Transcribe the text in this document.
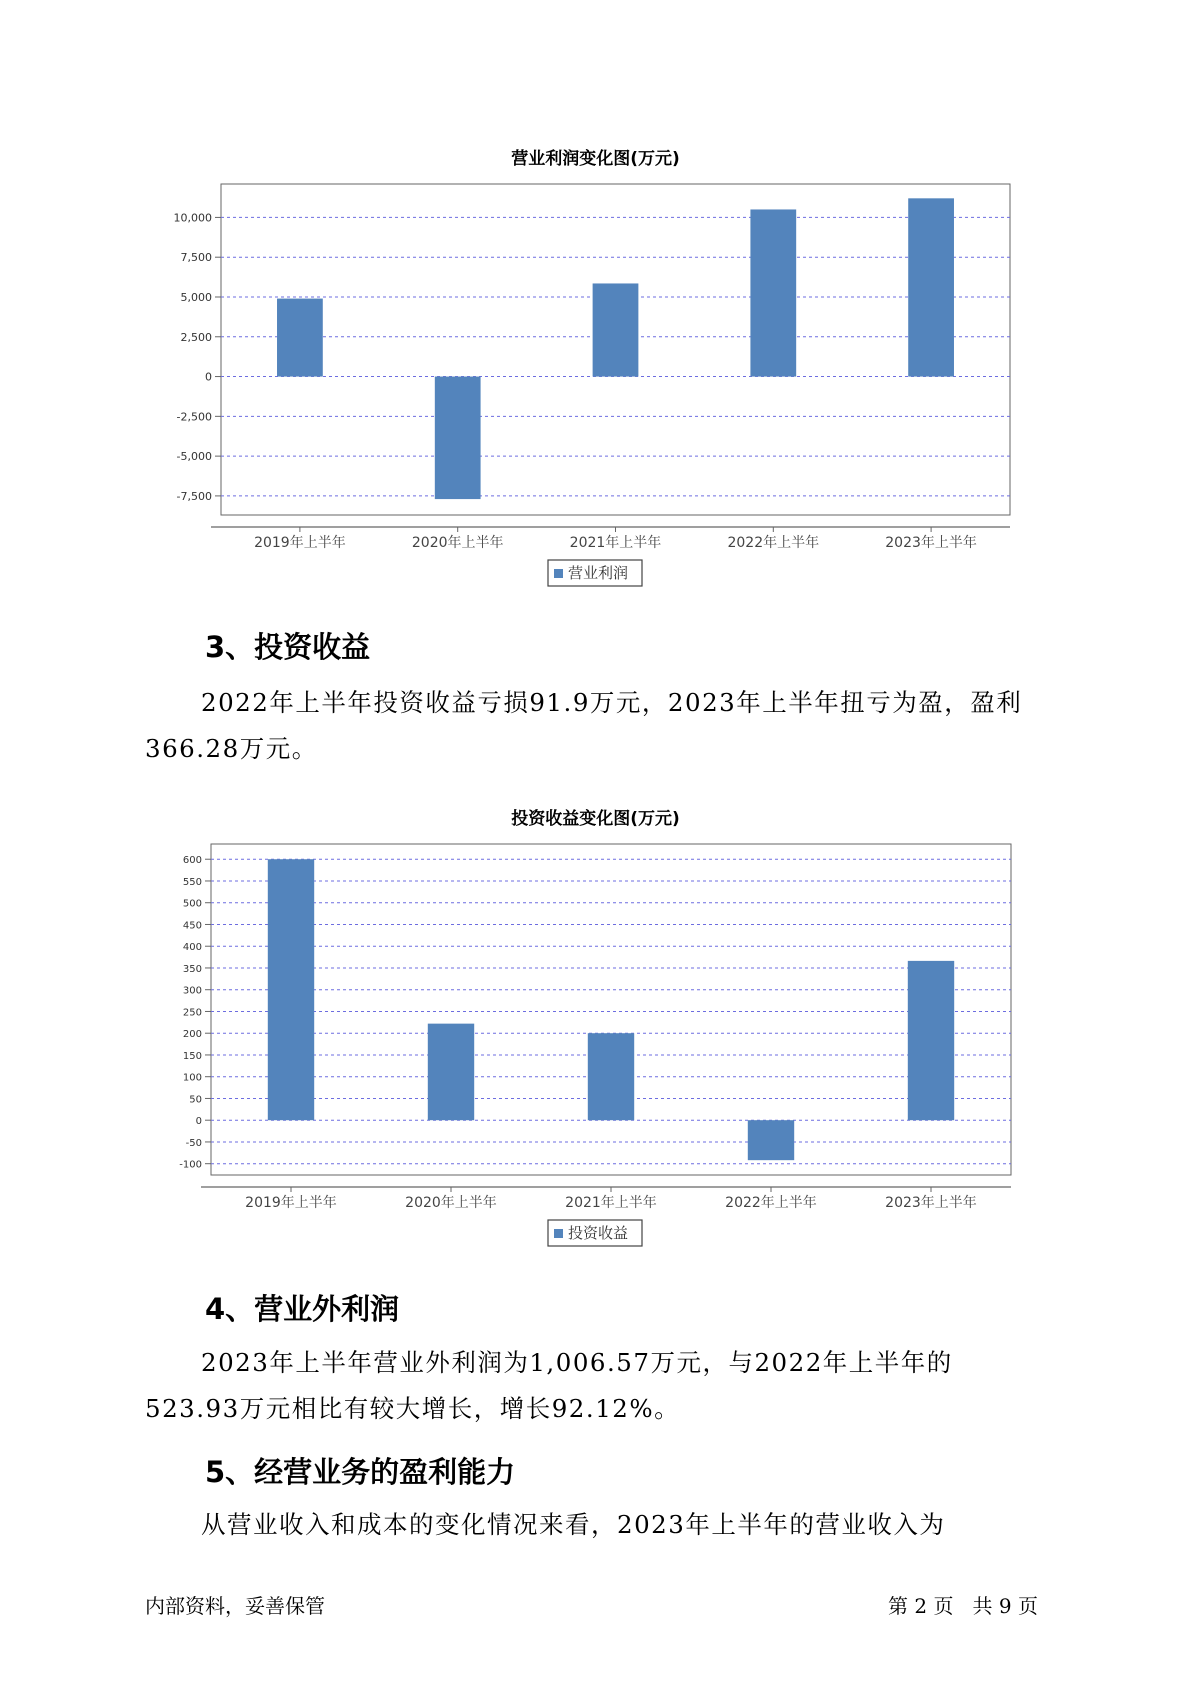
营业利润变化图(万元)
-7,500
-5,000
-2,500
0
2,500
5,000
7,500
10,000
2019年上半年	2020年上半年	2021年上半年	2022年上半年	2023年上半年
营业利润
3、投资收益

2022年上半年投资收益亏损91.9万元，2023年上半年扭亏为盈，盈利366.28万元。

投资收益变化图(万元)
-100
-50
0
50
100
150
200
250
300
350
400
450
500
550
600
2019年上半年	2020年上半年	2021年上半年	2022年上半年	2023年上半年
投资收益
4、营业外利润

2023年上半年营业外利润为1,006.57万元，与2022年上半年的523.93万元相比有较大增长，增长92.12%。

5、经营业务的盈利能力

从营业收入和成本的变化情况来看，2023年上半年的营业收入为

内部资料，妥善保管	第 2 页   共 9 页
